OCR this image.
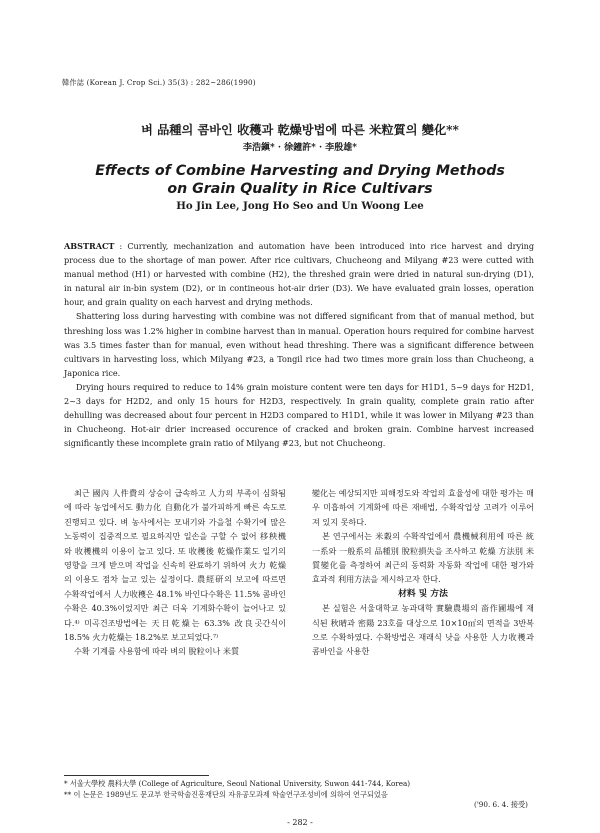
韓作誌 (Korean J. Crop Sci.) 35(3) : 282~286(1990)
벼 品種의 콤바인 收穫과 乾燥방법에 따른 米粒質의 變化**
李浩鎭* · 徐鐘許* · 李殷雄*
Effects of Combine Harvesting and Drying Methods
on Grain Quality in Rice Cultivars
Ho Jin Lee, Jong Ho Seo and Un Woong Lee

ABSTRACT : Currently, mechanization and automation have been introduced into rice harvest and drying process due to the shortage of man power. After rice cultivars, Chucheong and Milyang #23 were cutted with manual method (H1) or harvested with combine (H2), the threshed grain were dried in natural sun-drying (D1), in natural air in-bin system (D2), or in contineous hot-air drier (D3). We have evaluated grain losses, operation hour, and grain quality on each harvest and drying methods.

Shattering loss during harvesting with combine was not differed significant from that of manual method, but threshing loss was 1.2% higher in combine harvest than in manual. Operation hours required for combine harvest was 3.5 times faster than for manual, even without head threshing. There was a significant difference between cultivars in harvesting loss, which Milyang #23, a Tongil rice had two times more grain loss than Chucheong, a Japonica rice.

Drying hours required to reduce to 14% grain moisture content were ten days for H1D1, 5~9 days for H2D1, 2~3 days for H2D2, and only 15 hours for H2D3, respectively. In grain quality, complete grain ratio after dehulling was decreased about four percent in H2D3 compared to H1D1, while it was lower in Milyang #23 than in Chucheong. Hot-air drier increased occurence of cracked and broken grain. Combine harvest increased significantly these incomplete grain ratio of Milyang #23, but not Chucheong.

최근 國內 人件費의 상승이 급속하고 人力의 부족이 심화됨에 따라 농업에서도 動力化 自動化가 불가피하게 빠른 속도로 진행되고 있다. 벼 농사에서는 모내기와 가을철 수확기에 많은 노동력이 집중적으로 필요하지만 일손을 구할 수 없어 移秧機와 收穫機의 이용이 늘고 있다. 또 收穫後 乾燥作業도 일기의 영향을 크게 받으며 작업을 신속히 완료하기 위하여 火力 乾燥의 이용도 점차 늘고 있는 실정이다. 農經研의 보고에 따르면 수확작업에서 人力收穫은 48.1% 바인다수확은 11.5% 콤바인수확은 40.3%이었지만 최근 더욱 기계화수확이 늘어나고 있다.⁴⁾ 미곡건조방법에는 天日乾燥는 63.3% 改良곳간식이 18.5% 火力乾燥는 18.2%로 보고되었다.⁷⁾

수확 기계를 사용함에 따라 벼의 脫粒이나 米質

變化는 예상되지만 피해정도와 작업의 효율성에 대한 평가는 매우 미흡하여 기계화에 따른 재배법, 수확작업상 고려가 이루어져 있지 못하다.

본 연구에서는 米穀의 수확작업에서 農機械利用에 따른 統一系와 一般系의 品種別 脫粒損失을 조사하고 乾燥 方法別 米質變化를 측정하여 최근의 동력화 자동화 작업에 대한 평가와 효과적 利用方法을 제시하고자 한다.

材料 및 方法

본 실험은 서울대학교 농과대학 實驗農場의 畓作圃場에 재식된 秋晴과 密陽 23호를 대상으로 10×10㎡의 면적을 3반복으로 수확하였다. 수확방법은 재래식 낫을 사용한 人力收穫과 콤바인을 사용한

* 서울大學校 農科大學 (College of Agriculture, Seoul National University, Suwon 441-744, Korea)
** 이 논문은 1989년도 문교부 한국학술진흥재단의 자유공모과제 학술연구조성비에 의하여 연구되었음
('90. 6. 4. 接受)
- 282 -
